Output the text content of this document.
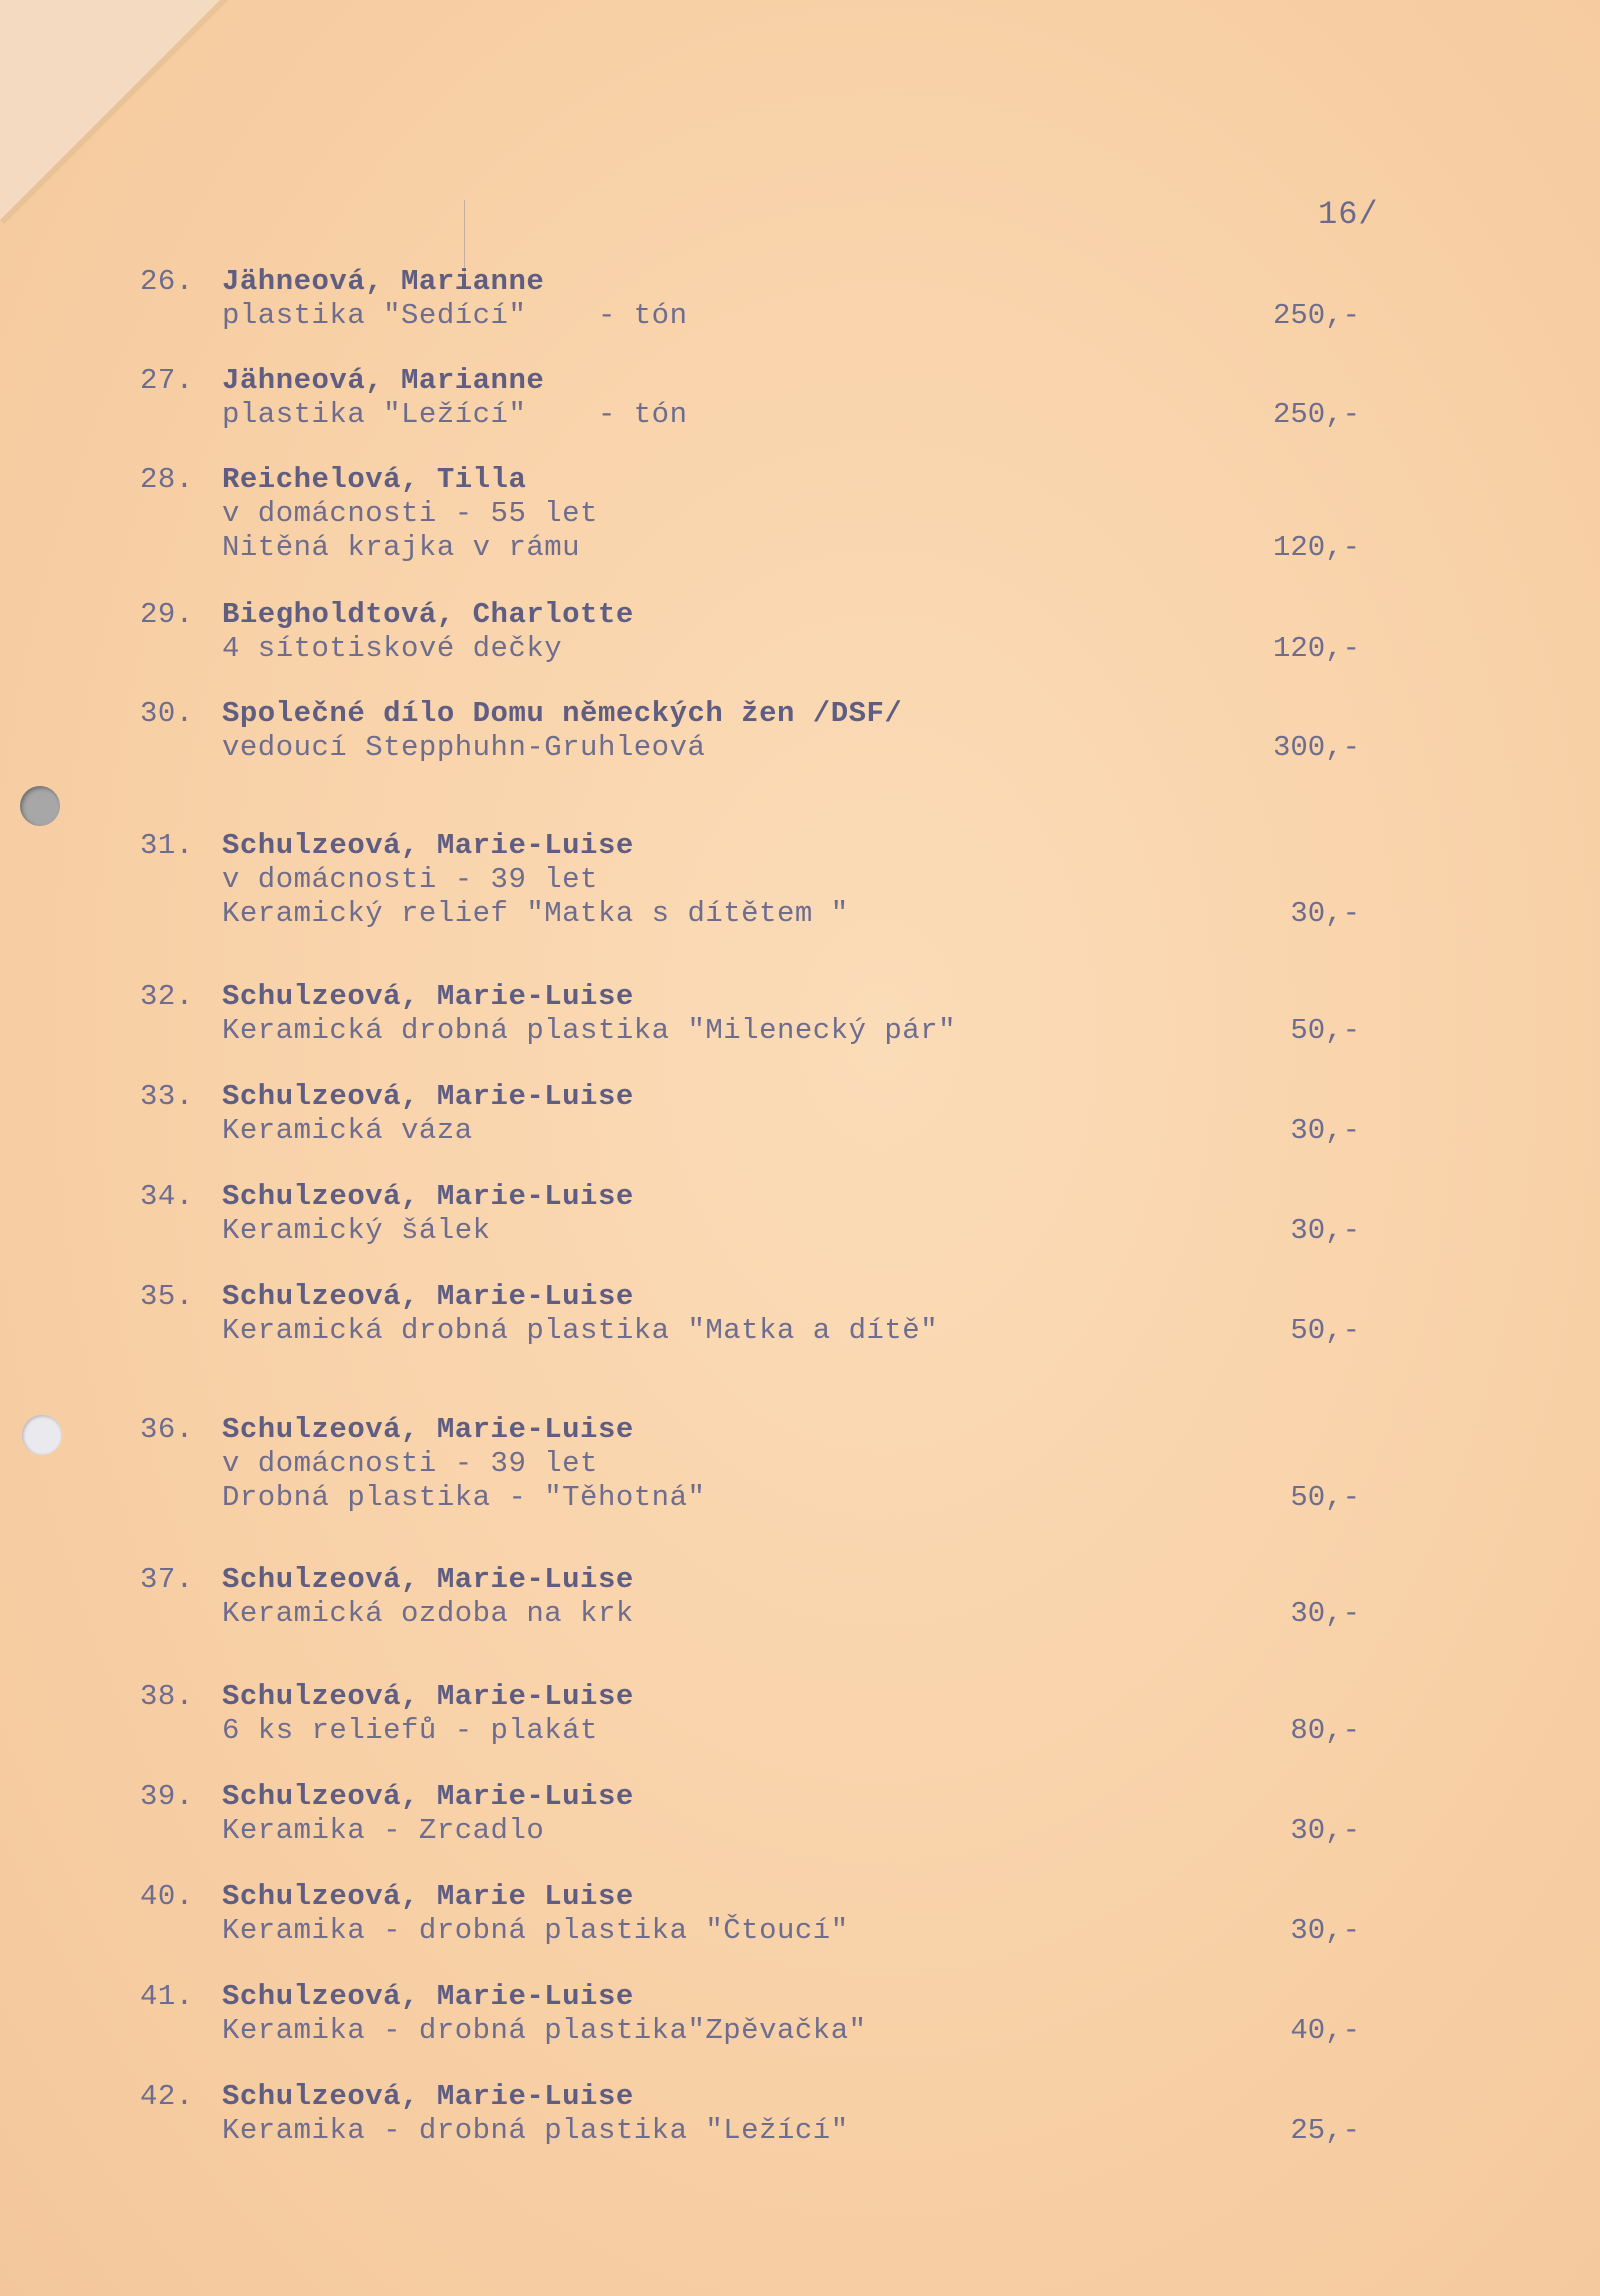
16/
26. Jähneová, Marianne
plastika "Sedící"    - tón	250,-
27. Jähneová, Marianne
plastika "Ležící"    - tón	250,-
28. Reichelová, Tilla
v domácnosti - 55 let
Nitěná krajka v rámu	120,-
29. Biegholdtová, Charlotte
4 sítotiskové dečky	120,-
30. Společné dílo Domu německých žen /DSF/
vedoucí Stepphuhn-Gruhleová	300,-
31. Schulzeová, Marie-Luise
v domácnosti - 39 let
Keramický relief "Matka s dítětem "	30,-
32. Schulzeová, Marie-Luise
Keramická drobná plastika "Milenecký pár"	50,-
33. Schulzeová, Marie-Luise
Keramická váza	30,-
34. Schulzeová, Marie-Luise
Keramický šálek	30,-
35. Schulzeová, Marie-Luise
Keramická drobná plastika "Matka a dítě"	50,-
36. Schulzeová, Marie-Luise
v domácnosti - 39 let
Drobná plastika - "Těhotná"	50,-
37. Schulzeová, Marie-Luise
Keramická ozdoba na krk	30,-
38. Schulzeová, Marie-Luise
6 ks reliefů - plakát	80,-
39. Schulzeová, Marie-Luise
Keramika - Zrcadlo	30,-
40. Schulzeová, Marie Luise
Keramika - drobná plastika "Čtoucí"	30,-
41. Schulzeová, Marie-Luise
Keramika - drobná plastika"Zpěvačka"	40,-
42. Schulzeová, Marie-Luise
Keramika - drobná plastika "Ležící"	25,-
